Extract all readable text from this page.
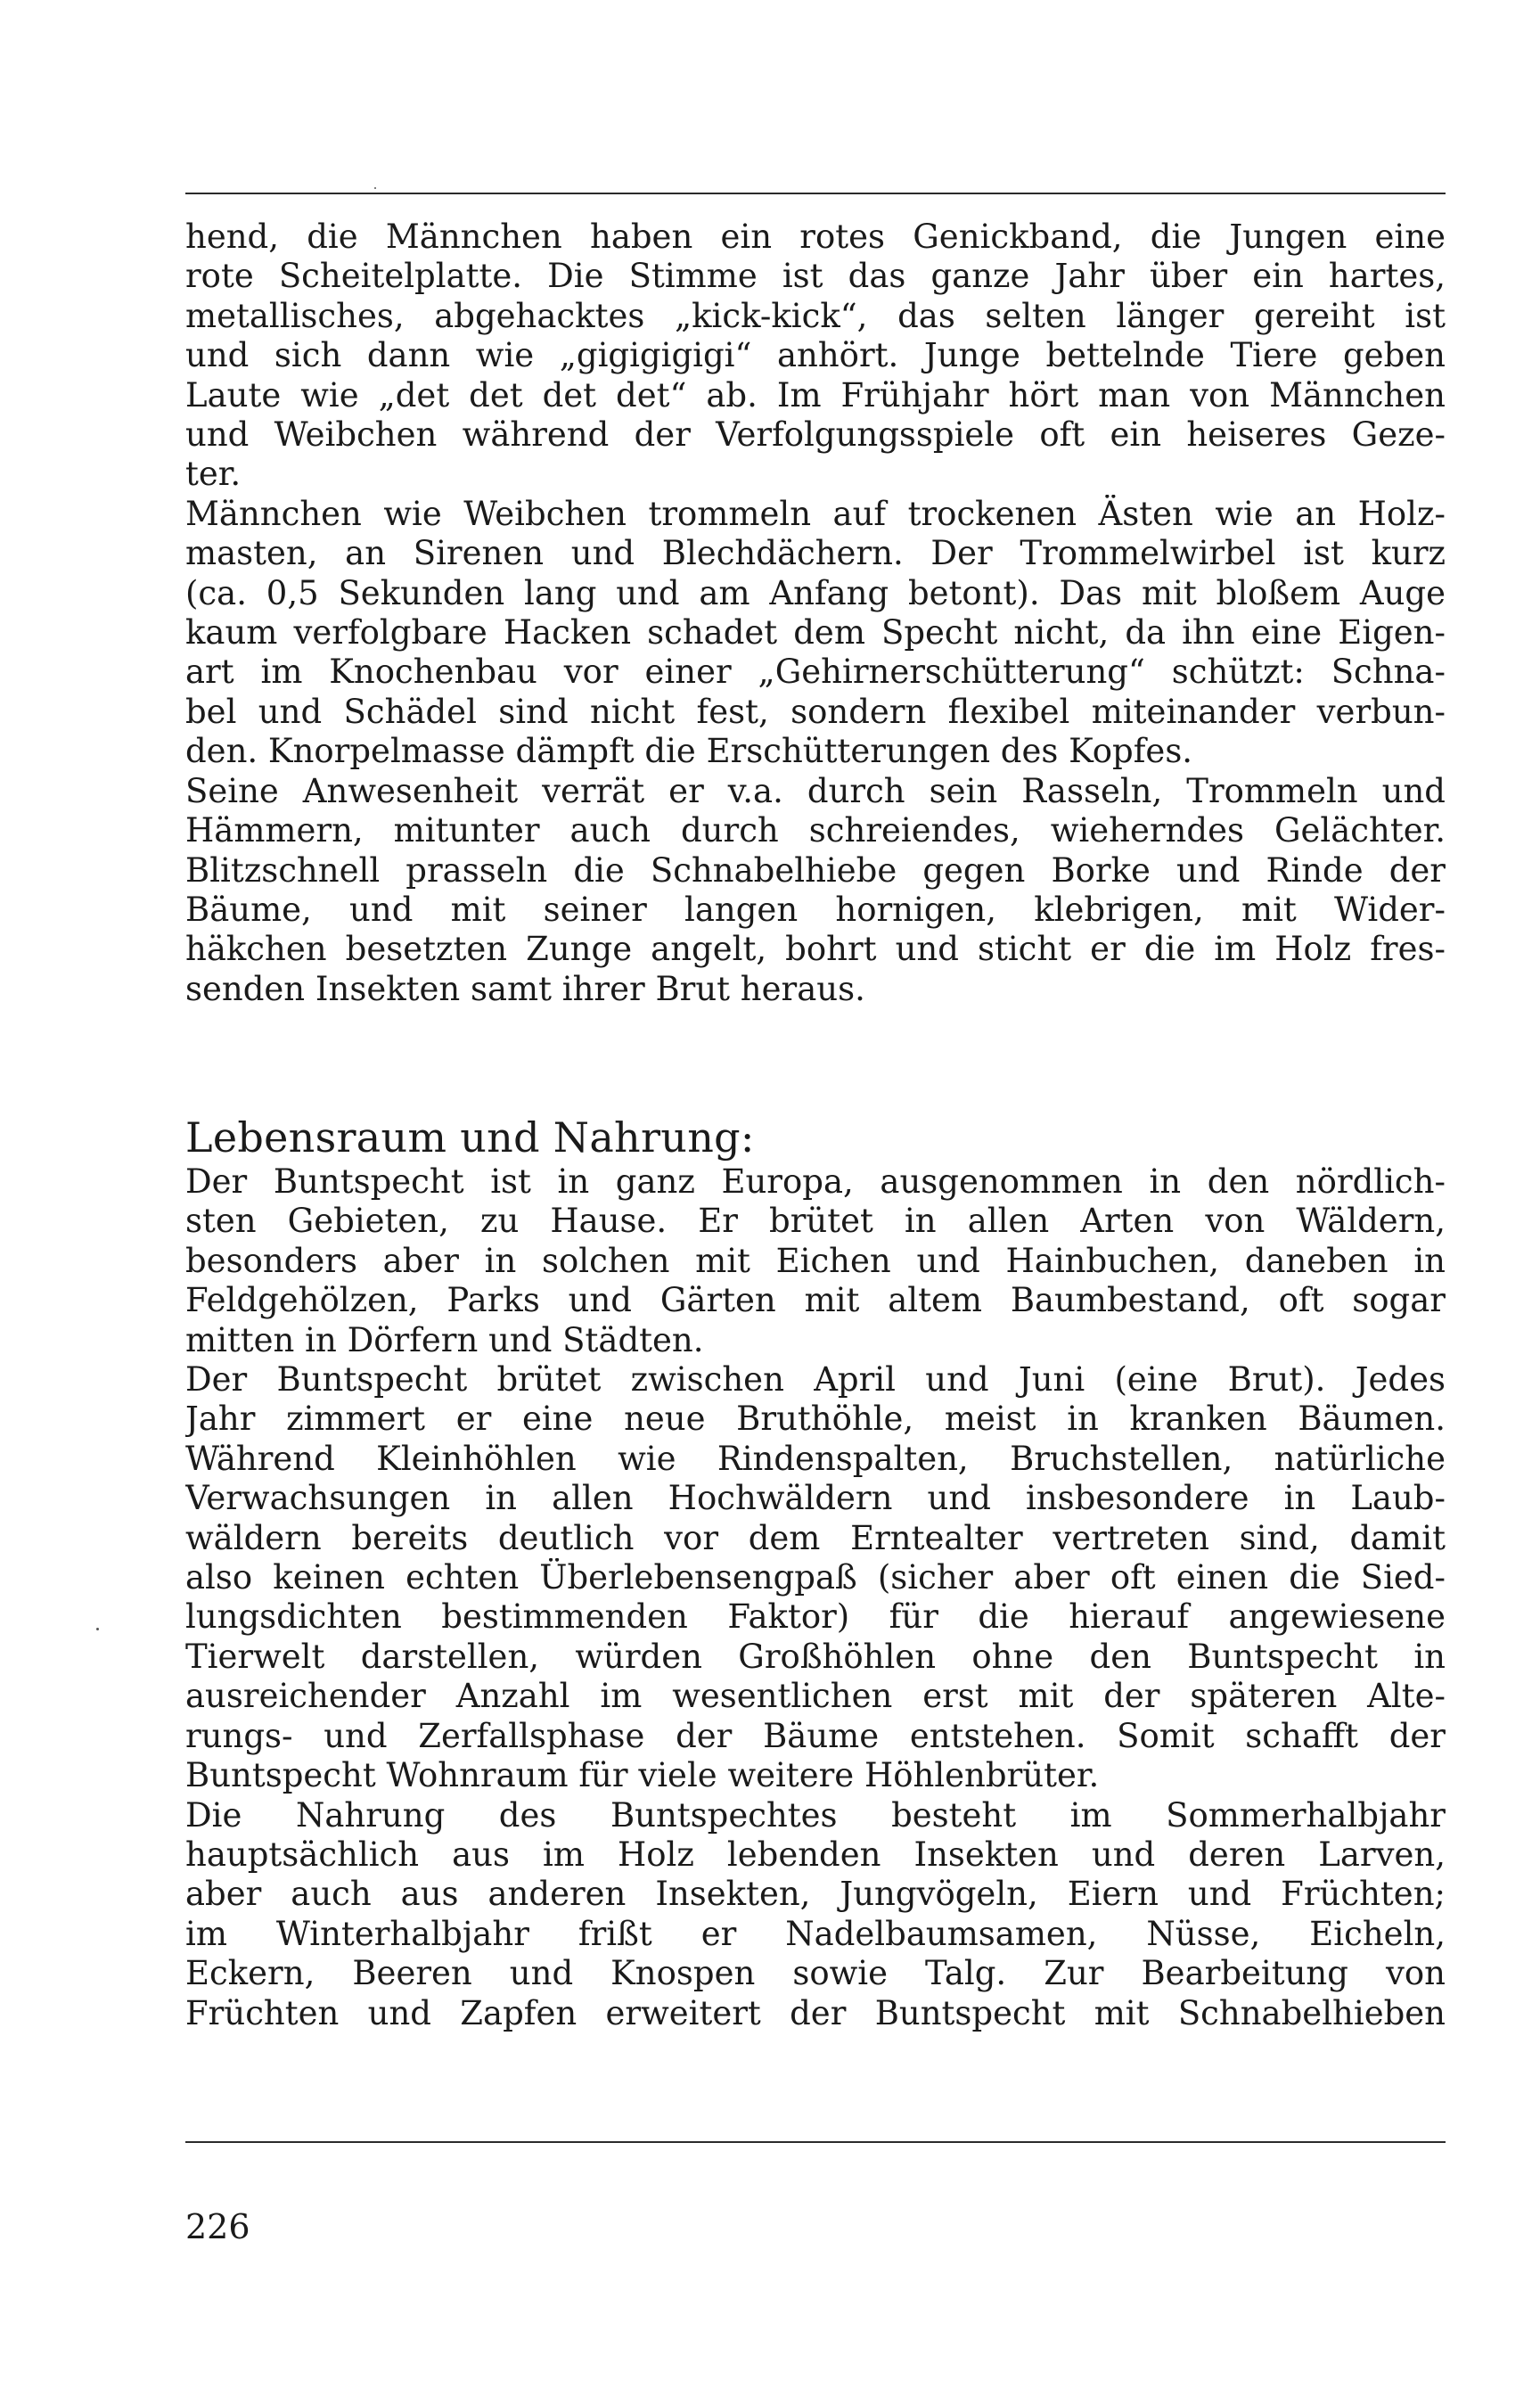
hend, die Männchen haben ein rotes Genickband, die Jungen eine
rote Scheitelplatte. Die Stimme ist das ganze Jahr über ein hartes,
metallisches, abgehacktes „kick-kick“, das selten länger gereiht ist
und sich dann wie „gigigigigi“ anhört. Junge bettelnde Tiere geben
Laute wie „det det det det“ ab. Im Frühjahr hört man von Männchen
und Weibchen während der Verfolgungsspiele oft ein heiseres Geze-
ter.

Männchen wie Weibchen trommeln auf trockenen Ästen wie an Holz-
masten, an Sirenen und Blechdächern. Der Trommelwirbel ist kurz
(ca. 0,5 Sekunden lang und am Anfang betont). Das mit bloßem Auge
kaum verfolgbare Hacken schadet dem Specht nicht, da ihn eine Eigen-
art im Knochenbau vor einer „Gehirnerschütterung“ schützt: Schna-
bel und Schädel sind nicht fest, sondern flexibel miteinander verbun-
den. Knorpelmasse dämpft die Erschütterungen des Kopfes.

Seine Anwesenheit verrät er v.a. durch sein Rasseln, Trommeln und
Hämmern, mitunter auch durch schreiendes, wieherndes Gelächter.
Blitzschnell prasseln die Schnabelhiebe gegen Borke und Rinde der
Bäume, und mit seiner langen hornigen, klebrigen, mit Wider-
häkchen besetzten Zunge angelt, bohrt und sticht er die im Holz fres-
senden Insekten samt ihrer Brut heraus.

Lebensraum und Nahrung:

Der Buntspecht ist in ganz Europa, ausgenommen in den nördlich-
sten Gebieten, zu Hause. Er brütet in allen Arten von Wäldern,
besonders aber in solchen mit Eichen und Hainbuchen, daneben in
Feldgehölzen, Parks und Gärten mit altem Baumbestand, oft sogar
mitten in Dörfern und Städten.

Der Buntspecht brütet zwischen April und Juni (eine Brut). Jedes
Jahr zimmert er eine neue Bruthöhle, meist in kranken Bäumen.
Während Kleinhöhlen wie Rindenspalten, Bruchstellen, natürliche
Verwachsungen in allen Hochwäldern und insbesondere in Laub-
wäldern bereits deutlich vor dem Erntealter vertreten sind, damit
also keinen echten Überlebensengpaß (sicher aber oft einen die Sied-
lungsdichten bestimmenden Faktor) für die hierauf angewiesene
Tierwelt darstellen, würden Großhöhlen ohne den Buntspecht in
ausreichender Anzahl im wesentlichen erst mit der späteren Alte-
rungs- und Zerfallsphase der Bäume entstehen. Somit schafft der
Buntspecht Wohnraum für viele weitere Höhlenbrüter.

Die Nahrung des Buntspechtes besteht im Sommerhalbjahr
hauptsächlich aus im Holz lebenden Insekten und deren Larven,
aber auch aus anderen Insekten, Jungvögeln, Eiern und Früchten;
im Winterhalbjahr frißt er Nadelbaumsamen, Nüsse, Eicheln,
Eckern, Beeren und Knospen sowie Talg. Zur Bearbeitung von
Früchten und Zapfen erweitert der Buntspecht mit Schnabelhieben

226
